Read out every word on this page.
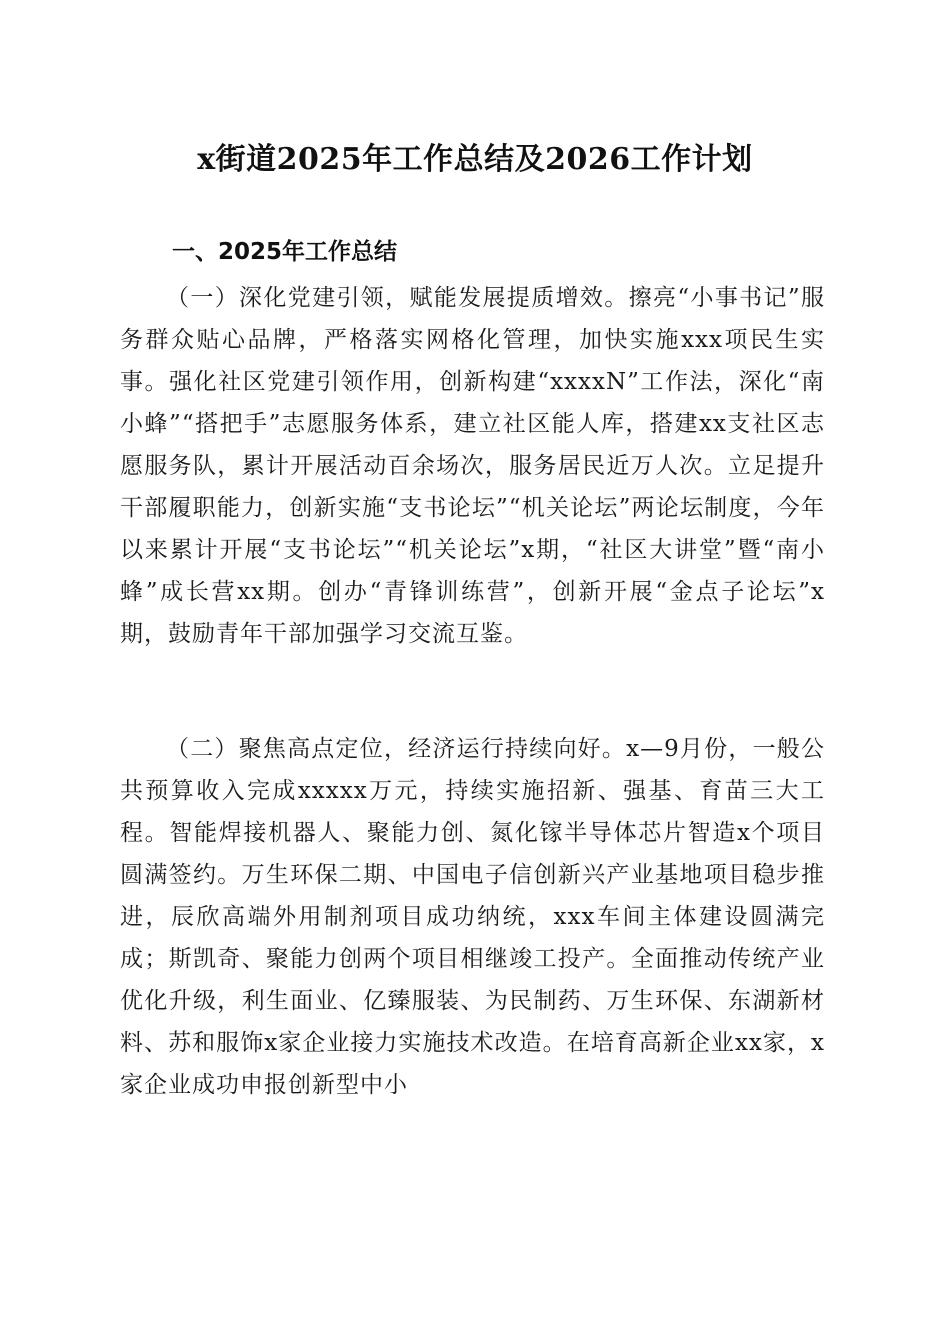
x街道2025年工作总结及2026工作计划
一、2025年工作总结

（一）深化党建引领，赋能发展提质增效。擦亮“小事书记”服务群众贴心品牌，严格落实网格化管理，加快实施xxx项民生实事。强化社区党建引领作用，创新构建“xxxxN”工作法，深化“南小蜂”“搭把手”志愿服务体系，建立社区能人库，搭建xx支社区志愿服务队，累计开展活动百余场次，服务居民近万人次。立足提升干部履职能力，创新实施“支书论坛”“机关论坛”两论坛制度，今年以来累计开展“支书论坛”“机关论坛”x期，“社区大讲堂”暨“南小蜂”成长营xx期。创办“青锋训练营”，创新开展“金点子论坛”x期，鼓励青年干部加强学习交流互鉴。

（二）聚焦高点定位，经济运行持续向好。x—9月份，一般公共预算收入完成xxxxx万元，持续实施招新、强基、育苗三大工程。智能焊接机器人、聚能力创、氮化镓半导体芯片智造x个项目圆满签约。万生环保二期、中国电子信创新兴产业基地项目稳步推进，辰欣高端外用制剂项目成功纳统，xxx车间主体建设圆满完成；斯凯奇、聚能力创两个项目相继竣工投产。全面推动传统产业优化升级，利生面业、亿臻服装、为民制药、万生环保、东湖新材料、苏和服饰x家企业接力实施技术改造。在培育高新企业xx家，x家企业成功申报创新型中小
